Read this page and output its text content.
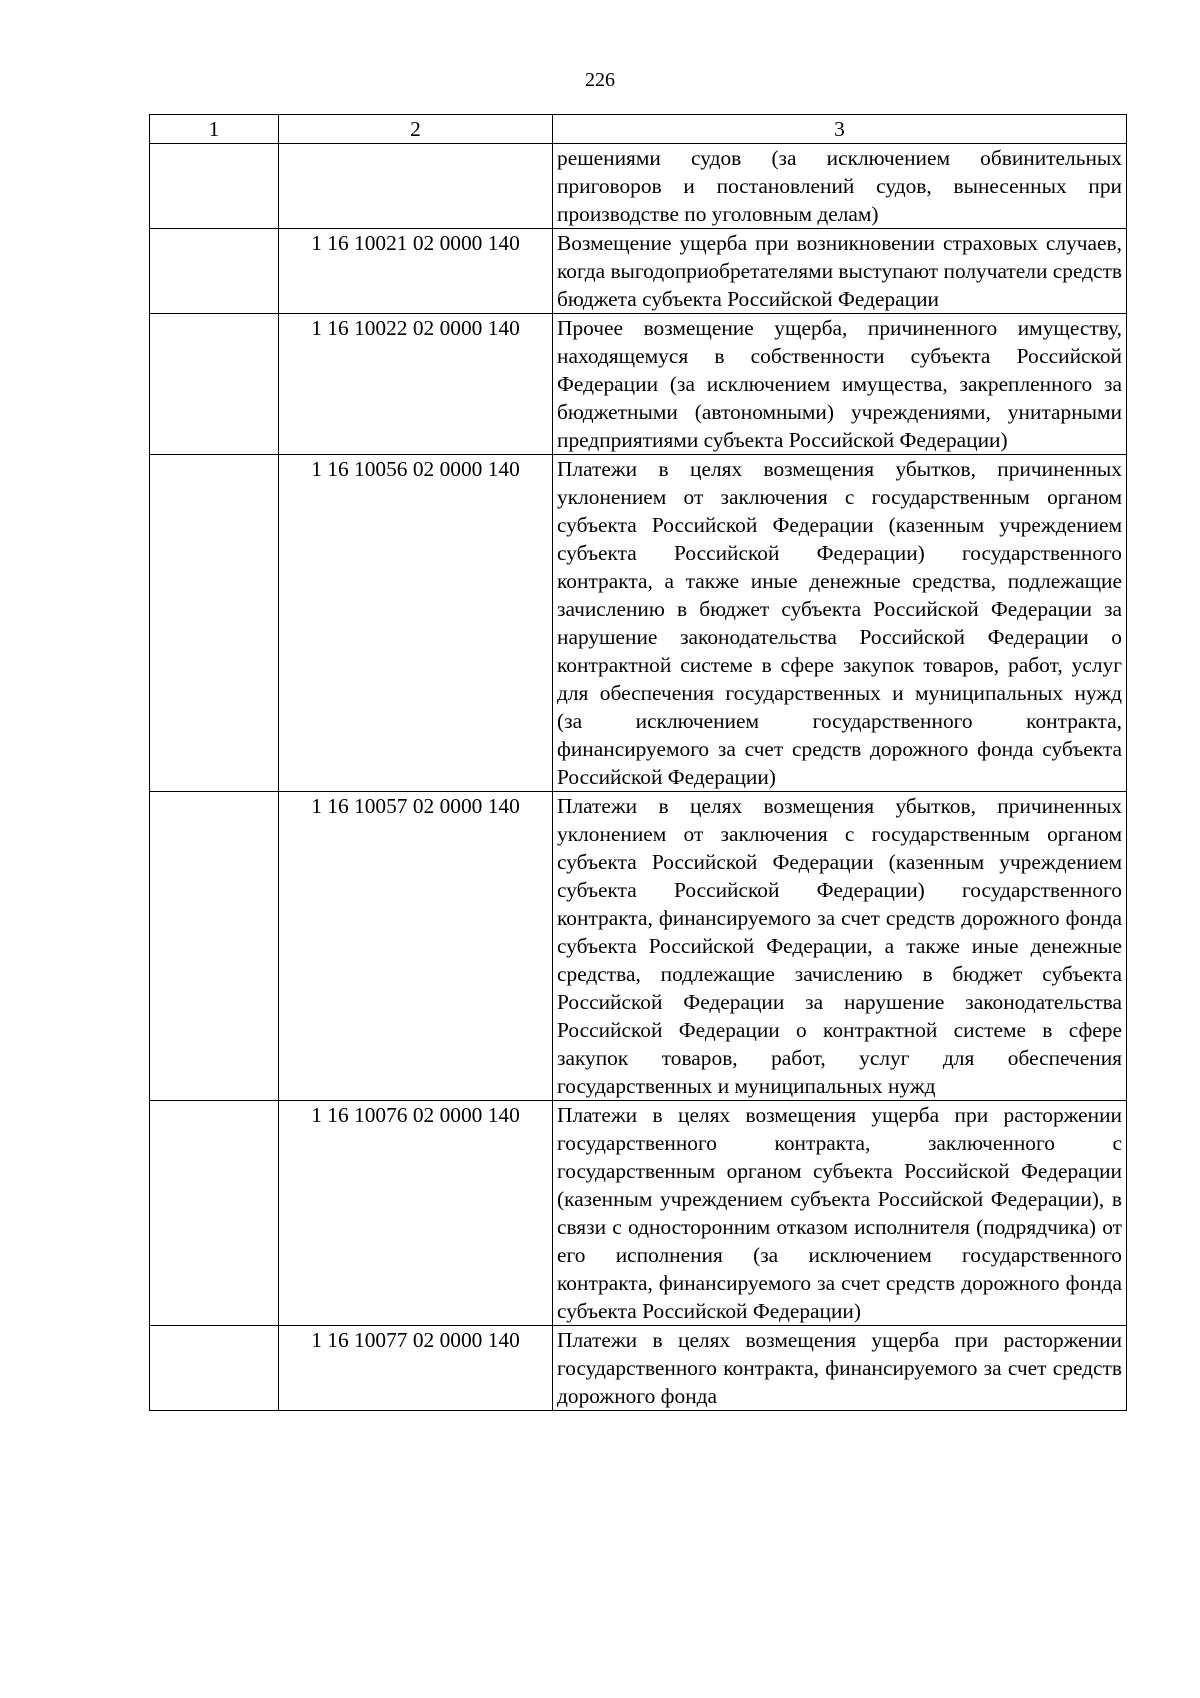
226
1	2	3
		решениями судов (за исключением обвинительных приговоров и постановлений судов, вынесенных при производстве по уголовным делам)
	1 16 10021 02 0000 140	Возмещение ущерба при возникновении страховых случаев, когда выгодоприобретателями выступают получатели средств бюджета субъекта Российской Федерации
	1 16 10022 02 0000 140	Прочее возмещение ущерба, причиненного имуществу, находящемуся в собственности субъекта Российской Федерации (за исключением имущества, закрепленного за бюджетными (автономными) учреждениями, унитарными предприятиями субъекта Российской Федерации)
	1 16 10056 02 0000 140	Платежи в целях возмещения убытков, причиненных уклонением от заключения с государственным органом субъекта Российской Федерации (казенным учреждением субъекта Российской Федерации) государственного контракта, а также иные денежные средства, подлежащие зачислению в бюджет субъекта Российской Федерации за нарушение законодательства Российской Федерации о контрактной системе в сфере закупок товаров, работ, услуг для обеспечения государственных и муниципальных нужд (за исключением государственного контракта, финансируемого за счет средств дорожного фонда субъекта Российской Федерации)
	1 16 10057 02 0000 140	Платежи в целях возмещения убытков, причиненных уклонением от заключения с государственным органом субъекта Российской Федерации (казенным учреждением субъекта Российской Федерации) государственного контракта, финансируемого за счет средств дорожного фонда субъекта Российской Федерации, а также иные денежные средства, подлежащие зачислению в бюджет субъекта Российской Федерации за нарушение законодательства Российской Федерации о контрактной системе в сфере закупок товаров, работ, услуг для обеспечения государственных и муниципальных нужд
	1 16 10076 02 0000 140	Платежи в целях возмещения ущерба при расторжении государственного контракта, заключенного с государственным органом субъекта Российской Федерации (казенным учреждением субъекта Российской Федерации), в связи с односторонним отказом исполнителя (подрядчика) от его исполнения (за исключением государственного контракта, финансируемого за счет средств дорожного фонда субъекта Российской Федерации)
	1 16 10077 02 0000 140	Платежи в целях возмещения ущерба при расторжении государственного контракта, финансируемого за счет средств дорожного фонда
